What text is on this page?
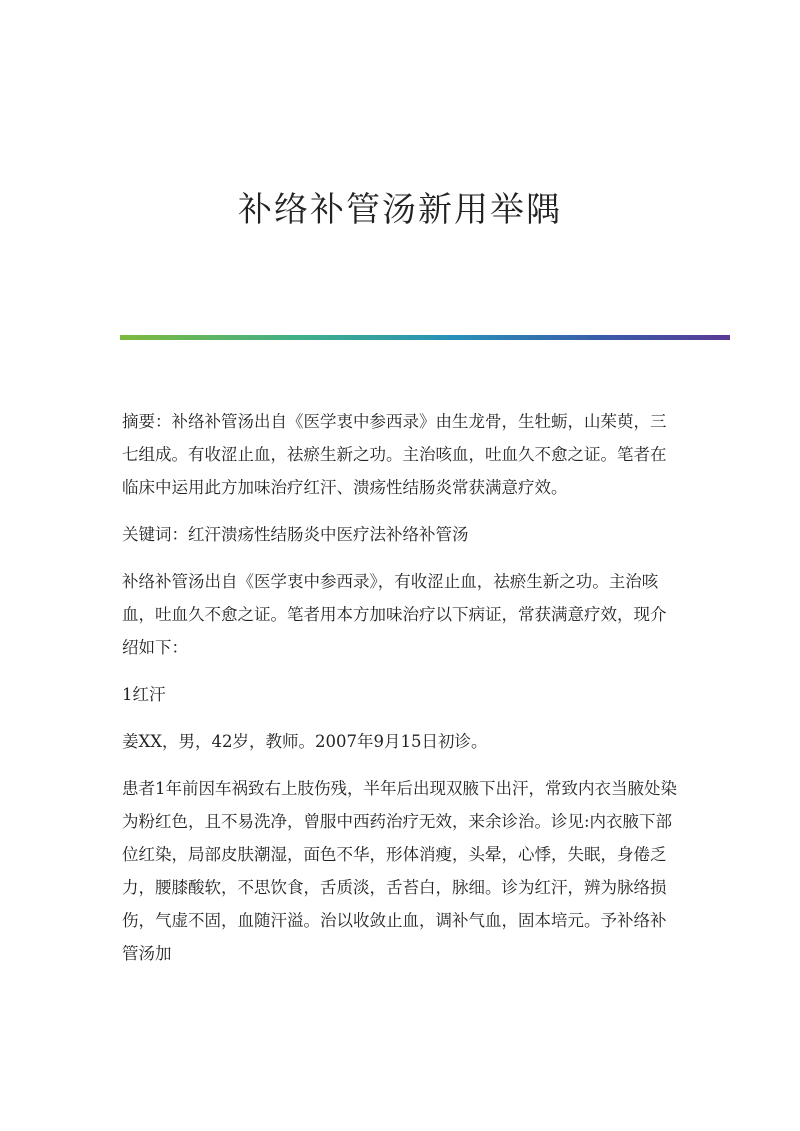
补络补管汤新用举隅

摘要：补络补管汤出自《医学衷中参西录》由生龙骨，生牡蛎，山茱萸，三七组成。有收涩止血，祛瘀生新之功。主治咳血，吐血久不愈之证。笔者在临床中运用此方加味治疗红汗、溃疡性结肠炎常获满意疗效。

关键词：红汗溃疡性结肠炎中医疗法补络补管汤

补络补管汤出自《医学衷中参西录》，有收涩止血，祛瘀生新之功。主治咳血，吐血久不愈之证。笔者用本方加味治疗以下病证，常获满意疗效，现介绍如下：

1红汗

姜XX，男，42岁，教师。2007年9月15日初诊。

患者1年前因车祸致右上肢伤残，半年后出现双腋下出汗，常致内衣当腋处染为粉红色，且不易洗净，曾服中西药治疗无效，来余诊治。诊见:内衣腋下部位红染，局部皮肤潮湿，面色不华，形体消瘦，头晕，心悸，失眠，身倦乏力，腰膝酸软，不思饮食，舌质淡，舌苔白，脉细。诊为红汗，辨为脉络损伤，气虚不固，血随汗溢。治以收敛止血，调补气血，固本培元。予补络补管汤加
